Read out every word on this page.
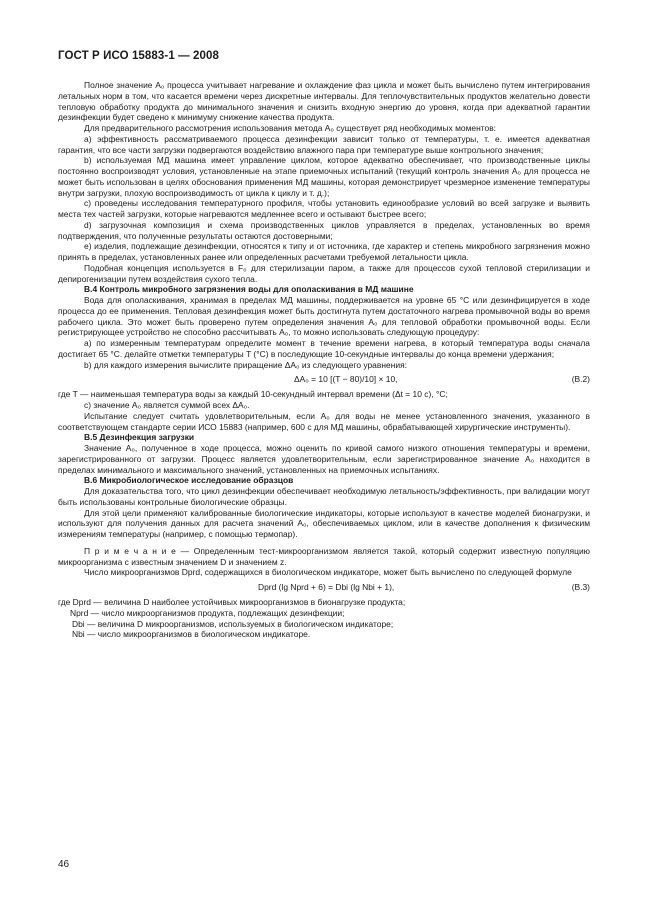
ГОСТ Р ИСО 15883-1 — 2008

Полное значение A₀ процесса учитывает нагревание и охлаждение фаз цикла и может быть вычислено путем интегрирования летальных норм в том, что касается времени через дискретные интервалы. Для теплочувствительных продуктов желательно довести тепловую обработку продукта до минимального значения и снизить входную энергию до уровня, когда при адекватной гарантии дезинфекции будет сведено к минимуму снижение качества продукта.

Для предварительного рассмотрения использования метода A₀ существует ряд необходимых моментов:

а) эффективность рассматриваемого процесса дезинфекции зависит только от температуры, т. е. имеется адекватная гарантия, что все части загрузки подвергаются воздействию влажного пара при температуре выше контрольного значения;

b) используемая МД машина имеет управление циклом, которое адекватно обеспечивает, что производственные циклы постоянно воспроизводят условия, установленные на этапе приемочных испытаний (текущий контроль значения A₀ для процесса не может быть использован в целях обоснования применения МД машины, которая демонстрирует чрезмерное изменение температуры внутри загрузки, плохую воспроизводимость от цикла к циклу и т. д.);

c) проведены исследования температурного профиля, чтобы установить единообразие условий во всей загрузке и выявить места тех частей загрузки, которые нагреваются медленнее всего и остывают быстрее всего;

d) загрузочная композиция и схема производственных циклов управляется в пределах, установленных во время подтверждения, что полученные результаты остаются достоверными;

е) изделия, подлежащие дезинфекции, относятся к типу и от источника, где характер и степень микробного загрязнения можно принять в пределах, установленных ранее или определенных расчетами требуемой летальности цикла.

Подобная концепция используется в F₀ для стерилизации паром, а также для процессов сухой тепловой стерилизации и депирогенизации путем воздействия сухого тепла.

В.4 Контроль микробного загрязнения воды для ополаскивания в МД машине

Вода для ополаскивания, хранимая в пределах МД машины, поддерживается на уровне 65 °С или дезинфицируется в ходе процесса до ее применения. Тепловая дезинфекция может быть достигнута путем достаточного нагрева промывочной воды во время рабочего цикла. Это может быть проверено путем определения значения A₀ для тепловой обработки промывочной воды. Если регистрирующее устройство не способно рассчитывать A₀, то можно использовать следующую процедуру:

а) по измеренным температурам определите момент в течение времени нагрева, в который температура воды сначала достигает 65 °С. делайте отметки температуры T (°С) в последующие 10-секундные интервалы до конца времени удержания;

b) для каждого измерения вычислите приращение ΔA₀ из следующего уравнения:

ΔA₀ = 10 [(T − 80)/10] × 10,	(В.2)

где T — наименьшая температура воды за каждый 10-секундный интервал времени (Δt = 10 с), °С;

с) значение A₀ является суммой всех ΔA₀.

Испытание следует считать удовлетворительным, если A₀ для воды не менее установленного значения, указанного в соответствующем стандарте серии ИСО 15883 (например, 600 с для МД машины, обрабатывающей хирургические инструменты).

В.5 Дезинфекция загрузки

Значение A₀, полученное в ходе процесса, можно оценить по кривой самого низкого отношения температуры и времени, зарегистрированного от загрузки. Процесс является удовлетворительным, если зарегистрированное значение A₀ находится в пределах минимального и максимального значений, установленных на приемочных испытаниях.

В.6 Микробиологическое исследование образцов

Для доказательства того, что цикл дезинфекции обеспечивает необходимую летальность/эффективность, при валидации могут быть использованы контрольные биологические образцы.

Для этой цели применяют калиброванные биологические индикаторы, которые используют в качестве моделей бионагрузки, и используют для получения данных для расчета значений A₀, обеспечиваемых циклом, или в качестве дополнения к физическим измерениям температуры (например, с помощью термопар).

П р и м е ч а н и е — Определенным тест-микроорганизмом является такой, который содержит известную популяцию микроорганизма с известным значением D и значением z.

Число микроорганизмов Dprd, содержащихся в биологическом индикаторе, может быть вычислено по следующей формуле

Dprd (lg Nprd + 6) = Dbi (lg Nbi + 1),	(В.3)
где Dprd — величина D наиболее устойчивых микроорганизмов в бионагрузке продукта;
Nprd — число микроорганизмов продукта, подлежащих дезинфекции;
Dbi — величина D микроорганизмов, используемых в биологическом индикаторе;
Nbi — число микроорганизмов в биологическом индикаторе.
46
